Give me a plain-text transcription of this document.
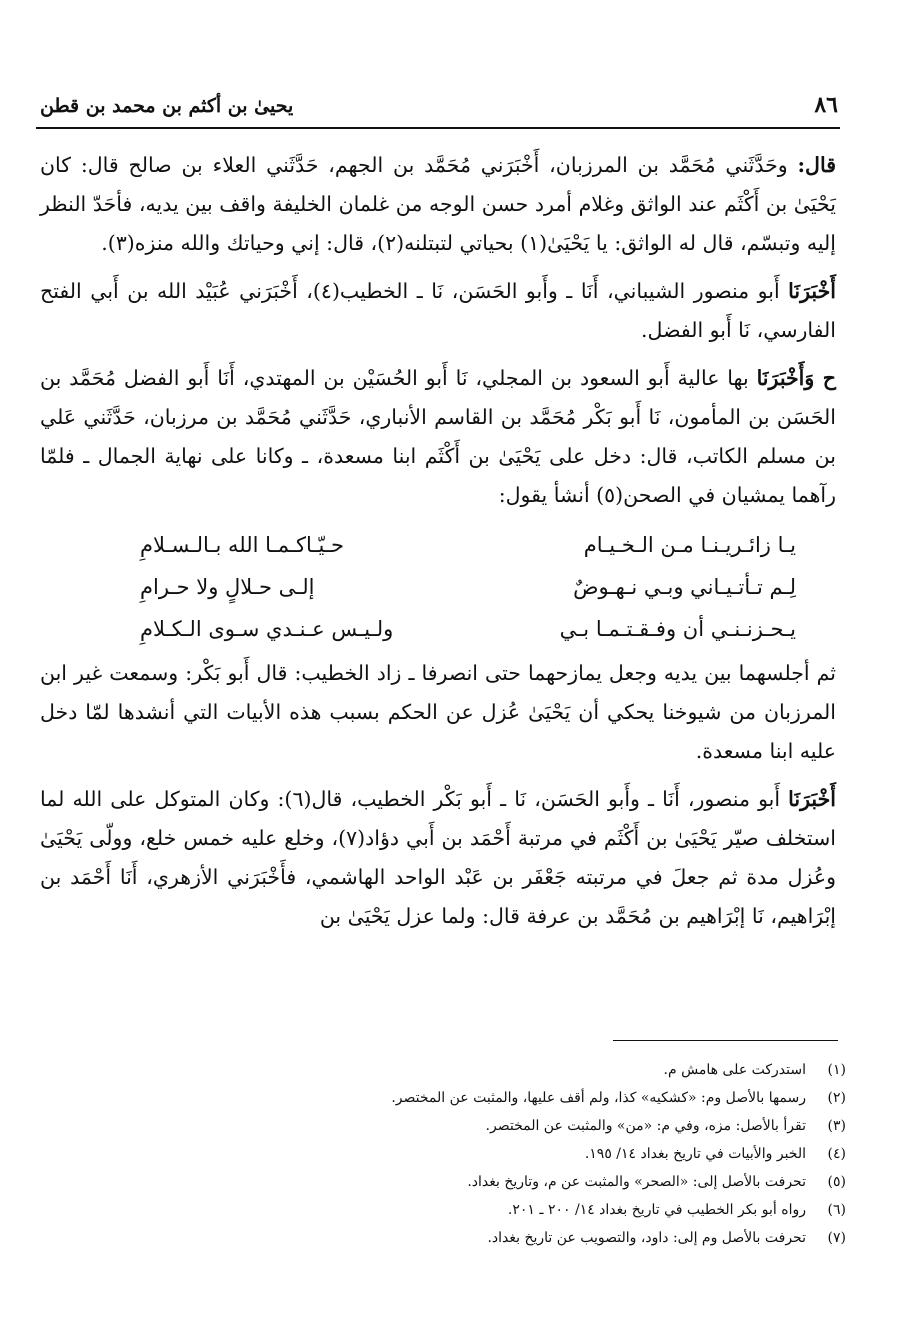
٨٦
يحيىٰ بن أكثم بن محمد بن قطن

قال: وحَدَّثَني مُحَمَّد بن المرزبان، أَخْبَرَني مُحَمَّد بن الجهم، حَدَّثَني العلاء بن صالح قال: كان يَحْيَىٰ بن أَكْثَم عند الواثق وغلام أمرد حسن الوجه من غلمان الخليفة واقف بين يديه، فأحَدّ النظر إليه وتبسّم، قال له الواثق: يا يَحْيَىٰ(١) بحياتي لتبتلنه(٢)، قال: إني وحياتك والله منزه(٣).

أَخْبَرَنَا أَبو منصور الشيباني، أَنَا ـ وأَبو الحَسَن، نَا ـ الخطيب(٤)، أَخْبَرَني عُبَيْد الله بن أَبي الفتح الفارسي، نَا أَبو الفضل.

ح وَأَخْبَرَنَا بها عالية أَبو السعود بن المجلي، نَا أَبو الحُسَيْن بن المهتدي، أَنَا أَبو الفضل مُحَمَّد بن الحَسَن بن المأمون، نَا أَبو بَكْر مُحَمَّد بن القاسم الأنباري، حَدَّثَني مُحَمَّد بن مرزبان، حَدَّثَني عَلي بن مسلم الكاتب، قال: دخل على يَحْيَىٰ بن أَكْثَم ابنا مسعدة، ـ وكانا على نهاية الجمال ـ فلمّا رآهما يمشيان في الصحن(٥) أنشأ يقول:

يـا زائـريـنـا مـن الـخـيـام
حـيّـاكـمـا الله بـالـسـلامِ
لِـم تـأتـيـاني وبـي نـهـوضٌ
إلـى حـلالٍ ولا حـرامِ
يـحـزنـنـي أن وفـقـتـمـا بـي
ولـيـس عـنـدي سـوى الـكـلامِ

ثم أجلسهما بين يديه وجعل يمازحهما حتى انصرفا ـ زاد الخطيب: قال أَبو بَكْر: وسمعت غير ابن المرزبان من شيوخنا يحكي أن يَحْيَىٰ عُزل عن الحكم بسبب هذه الأبيات التي أنشدها لمّا دخل عليه ابنا مسعدة.

أَخْبَرَنَا أَبو منصور، أَنَا ـ وأَبو الحَسَن، نَا ـ أَبو بَكْر الخطيب، قال(٦): وكان المتوكل على الله لما استخلف صيّر يَحْيَىٰ بن أَكْثَم في مرتبة أَحْمَد بن أَبي دؤاد(٧)، وخلع عليه خمس خلع، وولّى يَحْيَىٰ وعُزل مدة ثم جعلَ في مرتبته جَعْفَر بن عَبْد الواحد الهاشمي، فأَخْبَرَني الأزهري، أَنَا أَحْمَد بن إبْرَاهيم، نَا إبْرَاهيم بن مُحَمَّد بن عرفة قال: ولما عزل يَحْيَىٰ بن

(١)
استدركت على هامش م.
(٢)
رسمها بالأصل وم: «كشكيه» كذا، ولم أقف عليها، والمثبت عن المختصر.
(٣)
تقرأ بالأصل: مزه، وفي م: «من» والمثبت عن المختصر.
(٤)
الخبر والأبيات في تاريخ بغداد ١٤/ ١٩٥.
(٥)
تحرفت بالأصل إلى: «الصحر» والمثبت عن م، وتاريخ بغداد.
(٦)
رواه أبو بكر الخطيب في تاريخ بغداد ١٤/ ٢٠٠ ـ ٢٠١.
(٧)
تحرفت بالأصل وم إلى: داود، والتصويب عن تاريخ بغداد.
